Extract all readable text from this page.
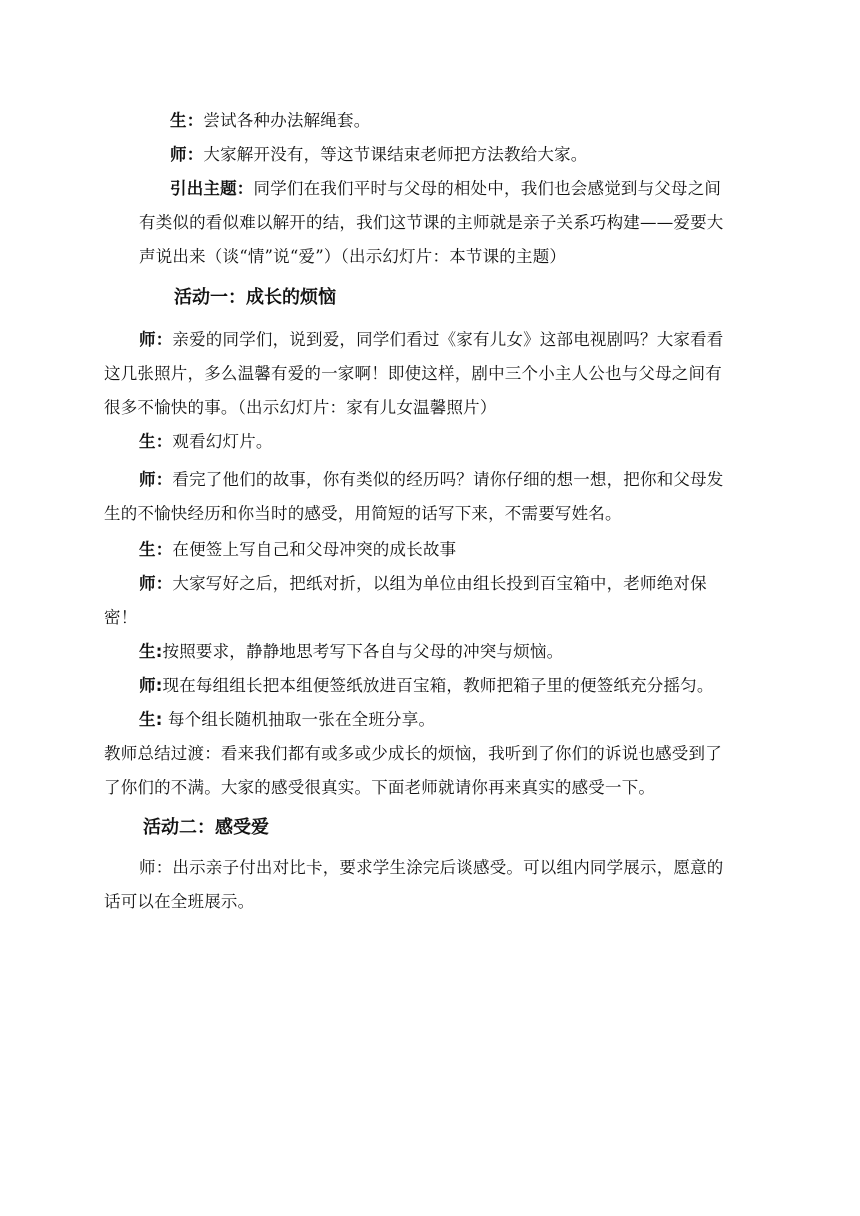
生：尝试各种办法解绳套。

师：大家解开没有，等这节课结束老师把方法教给大家。

引出主题：同学们在我们平时与父母的相处中，我们也会感觉到与父母之间

有类似的看似难以解开的结，我们这节课的主师就是亲子关系巧构建——爱要大

声说出来（谈“情”说“爱”）（出示幻灯片：本节课的主题）

活动一：成长的烦恼

师：亲爱的同学们，说到爱，同学们看过《家有儿女》这部电视剧吗？大家看看

这几张照片，多么温馨有爱的一家啊！即使这样，剧中三个小主人公也与父母之间有

很多不愉快的事。（出示幻灯片：家有儿女温馨照片）

生：观看幻灯片。

师：看完了他们的故事，你有类似的经历吗？请你仔细的想一想，把你和父母发

生的不愉快经历和你当时的感受，用简短的话写下来，不需要写姓名。

生：在便签上写自己和父母冲突的成长故事

师：大家写好之后，把纸对折，以组为单位由组长投到百宝箱中，老师绝对保

密！

生:按照要求，静静地思考写下各自与父母的冲突与烦恼。

师:现在每组组长把本组便签纸放进百宝箱，教师把箱子里的便签纸充分摇匀。

生: 每个组长随机抽取一张在全班分享。

教师总结过渡：看来我们都有或多或少成长的烦恼，我听到了你们的诉说也感受到了

了你们的不满。大家的感受很真实。下面老师就请你再来真实的感受一下。

活动二：感受爱

师：出示亲子付出对比卡，要求学生涂完后谈感受。可以组内同学展示，愿意的

话可以在全班展示。
